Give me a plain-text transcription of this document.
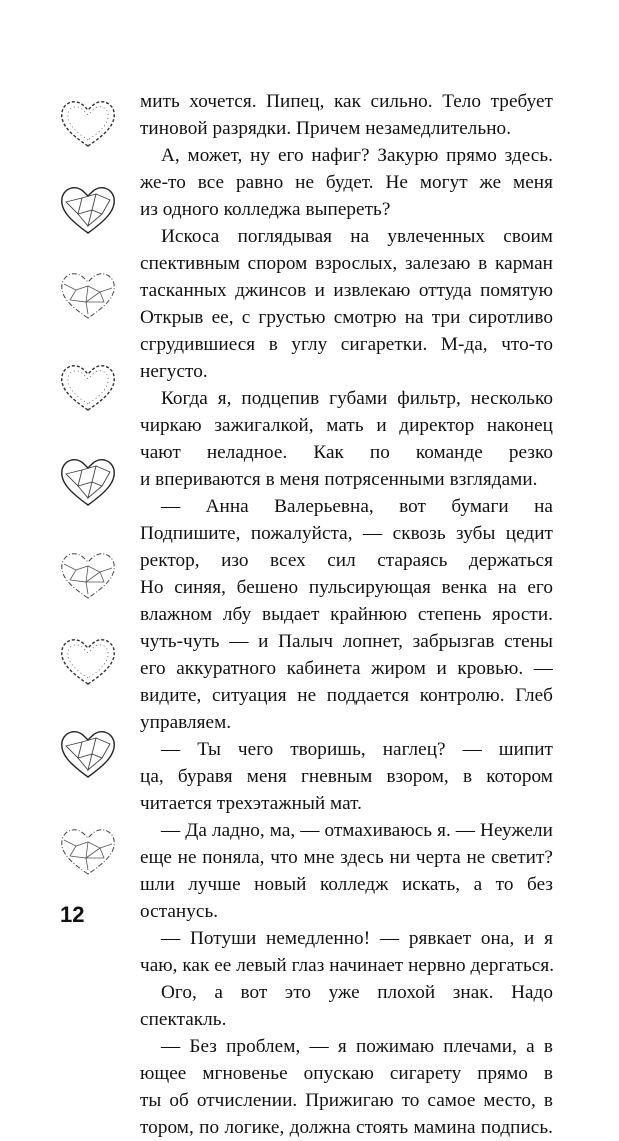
мить хочется. Пипец, как сильно. Тело требует
тиновой разрядки. Причем незамедлительно.
А, может, ну его нафиг? Закурю прямо здесь.
же-то все равно не будет. Не могут же меня
из одного колледжа выпереть?
Искоса поглядывая на увлеченных своим
спективным спором взрослых, залезаю в карман
тасканных джинсов и извлекаю оттуда помятую
Открыв ее, с грустью смотрю на три сиротливо
сгрудившиеся в углу сигаретки. М-да, что-то
негусто.
Когда я, подцепив губами фильтр, несколько
чиркаю зажигалкой, мать и директор наконец
чают неладное. Как по команде резко
и впериваются в меня потрясенными взглядами.
— Анна Валерьевна, вот бумаги на
Подпишите, пожалуйста, — сквозь зубы цедит
ректор, изо всех сил стараясь держаться
Но синяя, бешено пульсирующая венка на его
влажном лбу выдает крайнюю степень ярости.
чуть-чуть — и Палыч лопнет, забрызгав стены
его аккуратного кабинета жиром и кровью. —
видите, ситуация не поддается контролю. Глеб
управляем.
— Ты чего творишь, наглец? — шипит
ца, буравя меня гневным взором, в котором
читается трехэтажный мат.
— Да ладно, ма, — отмахиваюсь я. — Неужели
еще не поняла, что мне здесь ни черта не светит?
шли лучше новый колледж искать, а то без
останусь.
— Потуши немедленно! — рявкает она, и я
чаю, как ее левый глаз начинает нервно дергаться.
Ого, а вот это уже плохой знак. Надо
спектакль.
— Без проблем, — я пожимаю плечами, а в
ющее мгновенье опускаю сигарету прямо в
ты об отчислении. Прижигаю то самое место, в
тором, по логике, должна стоять мамина подпись.
12
